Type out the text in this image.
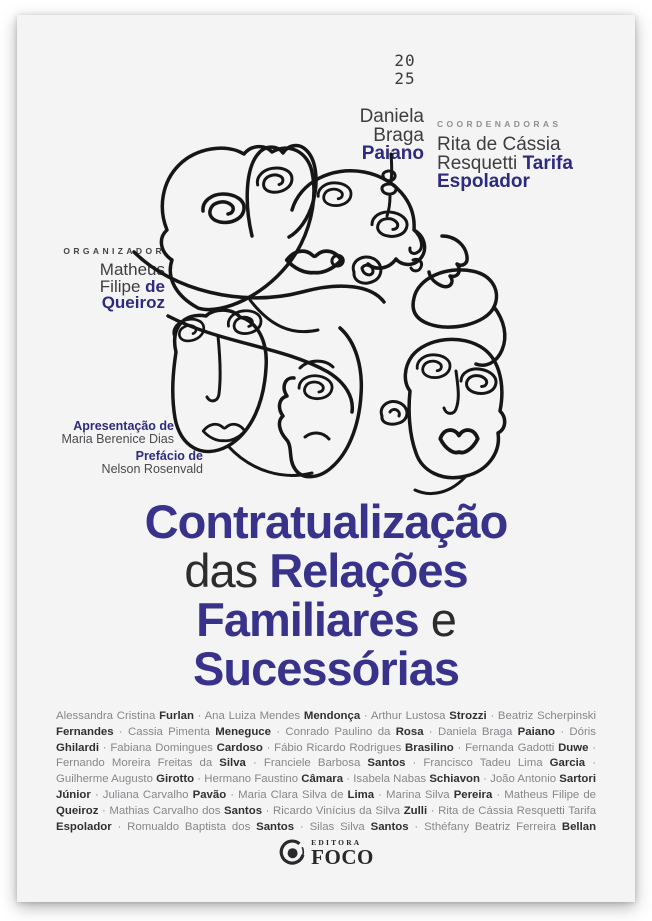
20
25
Daniela Braga Paiano
COORDENADORAS
Rita de Cássia Resquetti Tarifa Espolador
ORGANIZADOR
Matheus Filipe de Queiroz
Apresentação de
Maria Berenice Dias
Prefácio de
Nelson Rosenvald
Contratualização
das Relações
Familiares e
Sucessórias

Alessandra Cristina Furlan · Ana Luiza Mendes Mendonça · Arthur Lustosa Strozzi · Beatriz Scherpinski Fernandes · Cassia Pimenta Meneguce · Conrado Paulino da Rosa · Daniela Braga Paiano · Dóris Ghilardi · Fabiana Domingues Cardoso · Fábio Ricardo Rodrigues Brasilino · Fernanda Gadotti Duwe · Fernando Moreira Freitas da Silva · Franciele Barbosa Santos · Francisco Tadeu Lima Garcia · Guilherme Augusto Girotto · Hermano Faustino Câmara · Isabela Nabas Schiavon · João Antonio Sartori Júnior · Juliana Carvalho Pavão · Maria Clara Silva de Lima · Marina Silva Pereira · Matheus Filipe de Queiroz · Mathias Carvalho dos Santos · Ricardo Vinícius da Silva Zulli · Rita de Cássia Resquetti Tarifa Espolador · Romualdo Baptista dos Santos · Silas Silva Santos · Sthéfany Beatriz Ferreira Bellan

EDITORA
FOCO
